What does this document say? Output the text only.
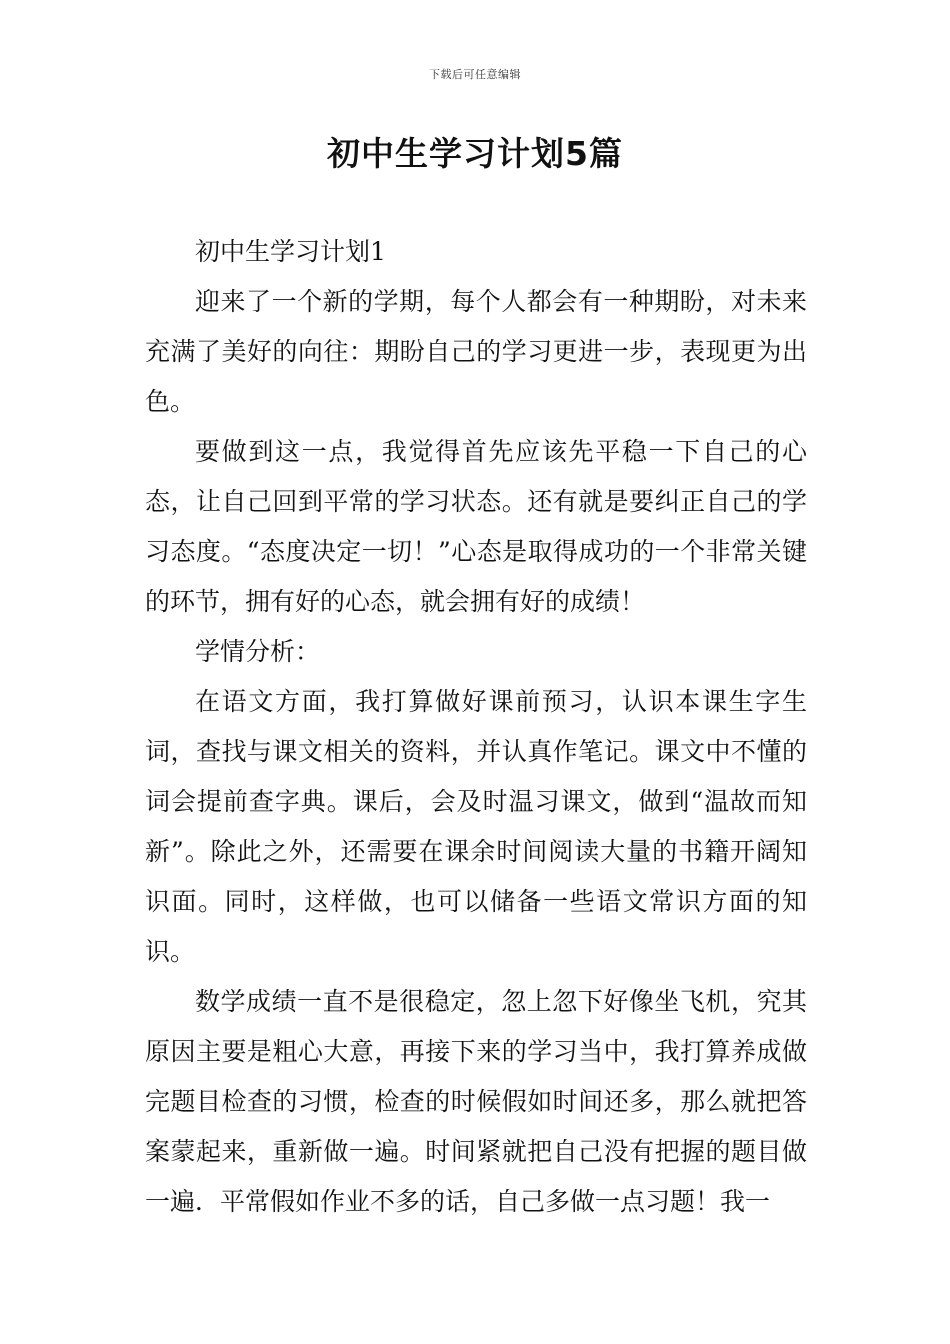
下载后可任意编辑
初中生学习计划5篇

初中生学习计划1

迎来了一个新的学期，每个人都会有一种期盼，对未来充满了美好的向往：期盼自己的学习更进一步，表现更为出色。

要做到这一点，我觉得首先应该先平稳一下自己的心态，让自己回到平常的学习状态。还有就是要纠正自己的学习态度。“态度决定一切！”心态是取得成功的一个非常关键的环节，拥有好的心态，就会拥有好的成绩！

学情分析：

在语文方面，我打算做好课前预习，认识本课生字生词，查找与课文相关的资料，并认真作笔记。课文中不懂的词会提前查字典。课后，会及时温习课文，做到“温故而知新”。除此之外，还需要在课余时间阅读大量的书籍开阔知识面。同时，这样做，也可以储备一些语文常识方面的知识。

数学成绩一直不是很稳定，忽上忽下好像坐飞机，究其原因主要是粗心大意，再接下来的学习当中，我打算养成做完题目检查的习惯，检查的时候假如时间还多，那么就把答案蒙起来，重新做一遍。时间紧就把自己没有把握的题目做一遍．平常假如作业不多的话，自己多做一点习题！我一
